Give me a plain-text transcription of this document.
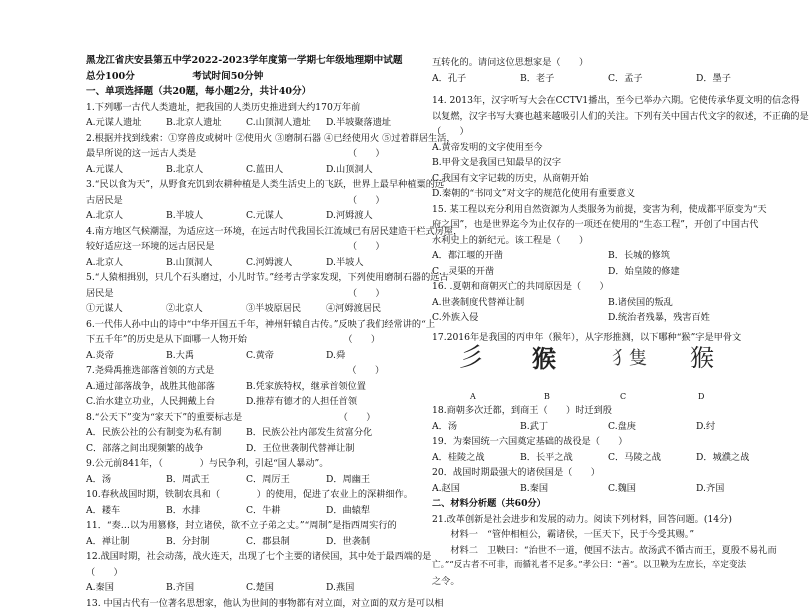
黑龙江省庆安县第五中学2022-2023学年度第一学期七年级地理期中试题
总分100分　　　　　　考试时间50分钟
一、单项选择题（共20题，每小题2分，共计40分）
1.下列哪一古代人类遗址，把我国的人类历史推进到大约170万年前
A.元谋人遗址	B.北京人遗址	C.山顶洞人遗址	D.半坡聚落遗址
2.根据并找到线索：①穿兽皮或树叶 ②使用火 ③磨制石器 ④已经使用火 ⑤过着群居生活，
最早所说的这一远古人类是　　　　　　　　　　　　　　　　　（　　）
A.元谋人	B.北京人	C.蓝田人	D.山顶洞人
3.“民以食为天”，从野食充饥到农耕种植是人类生活史上的飞跃，世界上最早种植粟的远
古居民是　　　　　　　　　　　　　　　　　　　　　　　　　（　　）
A.北京人	B.半坡人	C.元谋人	D.河姆渡人
4.南方地区气候潮湿，为适应这一环境，在远古时代我国长江流域已有居民建造干栏式房屋，
较好适应这一环境的远古居民是　　　　　　　　　　　　　　　（　　）
A.北京人	B.山顶洞人	C.河姆渡人	D.半坡人
5.“人猿相揖别，只几个石头磨过，小儿时节。”经考古学家发现，下列使用磨制石器的远古
居民是　　　　　　　　　　　　　　　　　　　　　　　　　　（　　）
①元谋人	②北京人	③半坡原居民	④河姆渡居民
6.一代伟人孙中山的诗中“中华开国五千年，神州轩辕自古传。”反映了我们经常讲的“上
下五千年”的历史是从下面哪一人物开始　　　　　　　　　　　（　　）
A.炎帝	B.大禹	C.黄帝	D.舜
7.尧舜禹推选部落首领的方式是　　　　　　　　　　　　　　　（　　）
A.通过部落战争，战胜其他部落	B.凭家族特权，继承首领位置
C.治水建立功业，人民拥戴上台	D.推荐有德才的人担任首领
8.“公天下”变为“家天下”的重要标志是　　　　　　　　　　　（　　）
A．民族公社的公有制变为私有制	B．民族公社内部发生贫富分化
C．部落之间出现频繁的战争	D．王位世袭制代替禅让制
9.公元前841年，（　　　　）与民争利，引起“国人暴动”。
A．汤	B．周武王	C．周厉王	D．周幽王
10.春秋战国时期，铁制农具和（　　　　）的使用，促进了农业上的深耕细作。
A．耧车	B．水排	C．牛耕	D．曲辕犁
11．“奏…以为用篡修，封立诸侯，欲不立子弟之丈。”“周制”是指西周实行的
A．禅让制	B．分封制	C．郡县制	D．世袭制
12.战国时期，社会动荡，战火连天，出现了七个主要的诸侯国，其中处于最西端的是
（　　）
A.秦国	B.齐国	C.楚国	D.燕国
13. 中国古代有一位著名思想家，他认为世间的事物都有对立面，对立面的双方是可以相
互转化的。请问这位思想家是（　　）
A．孔子	B．老子	C．孟子	D．墨子
14. 2013年，汉字听写大会在CCTV1播出，至今已举办六期。它使传承华夏文明的信念得
以复燃，汉字书写大赛也越来越吸引人们的关注。下列有关中国古代文字的叙述，不正确的是
（　　）
A.黄帝发明的文字使用至今
B.甲骨文是我国已知最早的汉字
C.我国有文字记载的历史，从商朝开始
D.秦朝的“书同文”对文字的规范化使用有重要意义
15. 某工程以充分利用自然资源为人类服务为前提，变害为利，使成都平原变为“天
府之国”，也是世界迄今为止仅存的一项还在使用的“生态工程”，开创了中国古代
水利史上的新纪元。该工程是（　　）
A．都江堰的开凿	B．长城的修筑
C．灵渠的开凿	D．始皇陵的修建
16. .夏朝和商朝灭亡的共同原因是（　　）
A.世袭制度代替禅让制	B.诸侯国的叛乱
C.外族入侵	D.统治者残暴，残害百姓
17.2016年是我国的丙申年（猴年），从字形推测，以下哪种“猴”字是甲骨文
彡 猴	犭隻 猴
A	B	C	D
18.商朝多次迁都，到商王（　　）时迁到殷
A．汤	B.武丁	C.盘庚	D.纣
19．为秦国统一六国奠定基础的战役是（　　）
A．桂陵之战	B．长平之战	C．马陵之战	D．城濮之战
20．战国时期最强大的诸侯国是（　　）
A.赵国	B.秦国	C.魏国	D.齐国
二、材料分析题（共60分）
21.改革创新是社会进步和发展的动力。阅读下列材料，回答问题。(14分)
　　材料一　“管仲相桓公，霸诸侯，一匡天下，民于今受其赐。”
　　材料二　卫鞅曰：“治世不一道，便国不法古。故汤武不循古而王，夏殷不易礼而
亡。”“反古者不可非，而循礼者不足多。”孝公曰：“善”。以卫鞅为左庶长，卒定变法
之令。
